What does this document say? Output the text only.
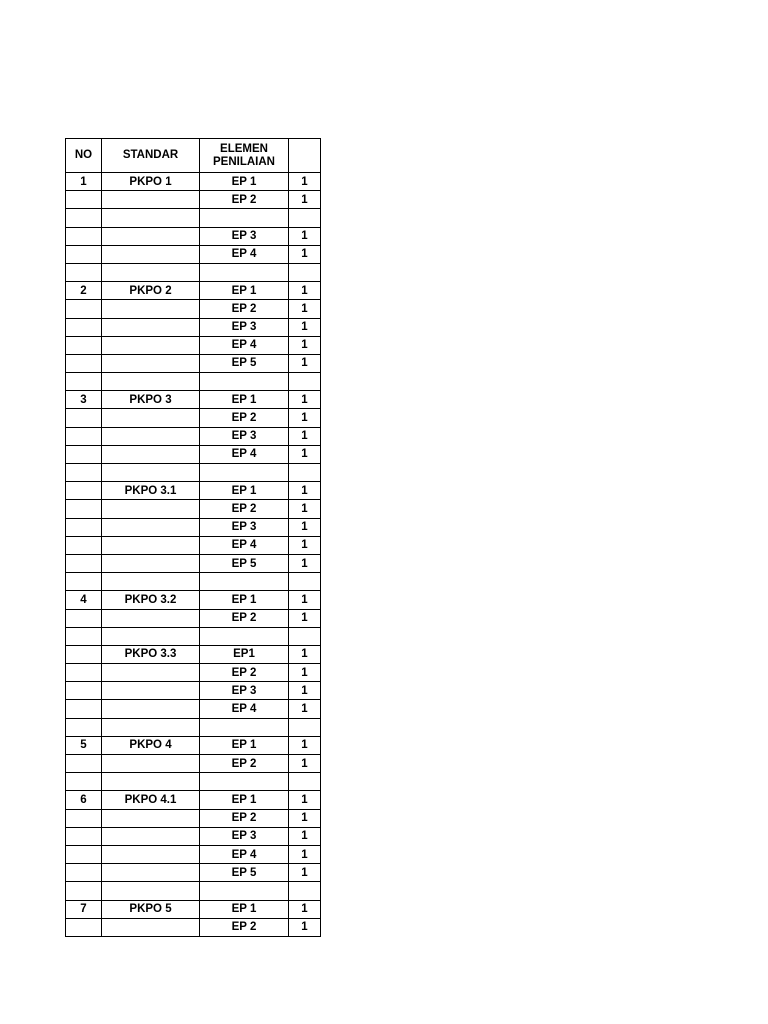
NO	STANDAR	ELEMEN
PENILAIAN	
1	PKPO 1	EP 1	1
		EP 2	1

		EP 3	1
		EP 4	1

2	PKPO 2	EP 1	1
		EP 2	1
		EP 3	1
		EP 4	1
		EP 5	1

3	PKPO 3	EP 1	1
		EP 2	1
		EP 3	1
		EP 4	1

	PKPO 3.1	EP 1	1
		EP 2	1
		EP 3	1
		EP 4	1
		EP 5	1

4	PKPO 3.2	EP 1	1
		EP 2	1

	PKPO 3.3	EP1	1
		EP 2	1
		EP 3	1
		EP 4	1

5	PKPO 4	EP 1	1
		EP 2	1

6	PKPO 4.1	EP 1	1
		EP 2	1
		EP 3	1
		EP 4	1
		EP 5	1

7	PKPO 5	EP 1	1
		EP 2	1
